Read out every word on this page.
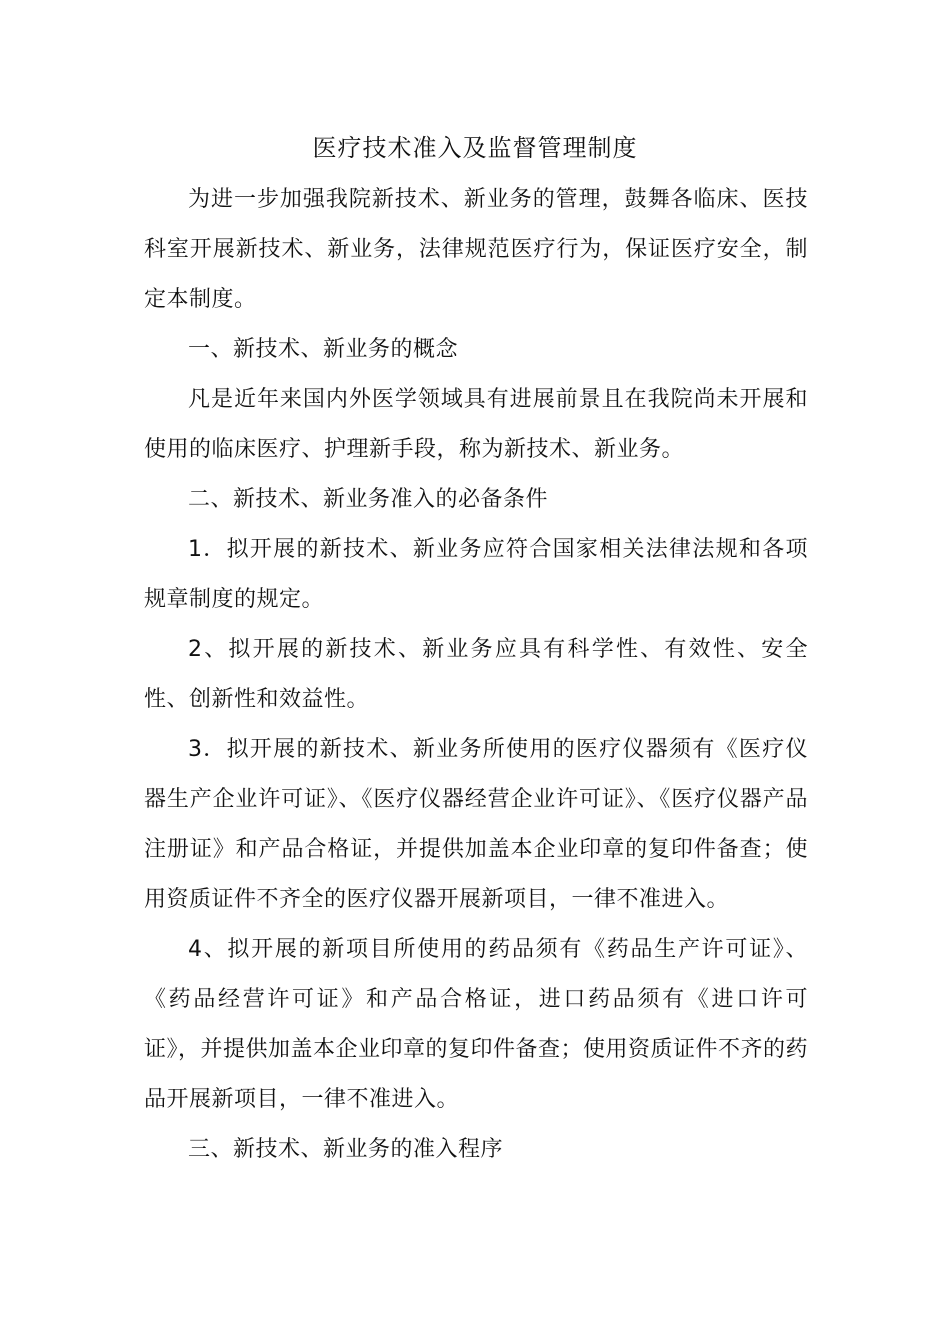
医疗技术准入及监督管理制度

为进一步加强我院新技术、新业务的管理，鼓舞各临床、医技科室开展新技术、新业务，法律规范医疗行为，保证医疗安全，制定本制度。

一、新技术、新业务的概念

凡是近年来国内外医学领域具有进展前景且在我院尚未开展和使用的临床医疗、护理新手段，称为新技术、新业务。

二、新技术、新业务准入的必备条件

1．拟开展的新技术、新业务应符合国家相关法律法规和各项规章制度的规定。

2、拟开展的新技术、新业务应具有科学性、有效性、安全性、创新性和效益性。

3．拟开展的新技术、新业务所使用的医疗仪器须有《医疗仪器生产企业许可证》、《医疗仪器经营企业许可证》、《医疗仪器产品注册证》和产品合格证，并提供加盖本企业印章的复印件备查；使用资质证件不齐全的医疗仪器开展新项目，一律不准进入。

4、拟开展的新项目所使用的药品须有《药品生产许可证》、《药品经营许可证》和产品合格证，进口药品须有《进口许可证》，并提供加盖本企业印章的复印件备查；使用资质证件不齐的药品开展新项目，一律不准进入。

三、新技术、新业务的准入程序
